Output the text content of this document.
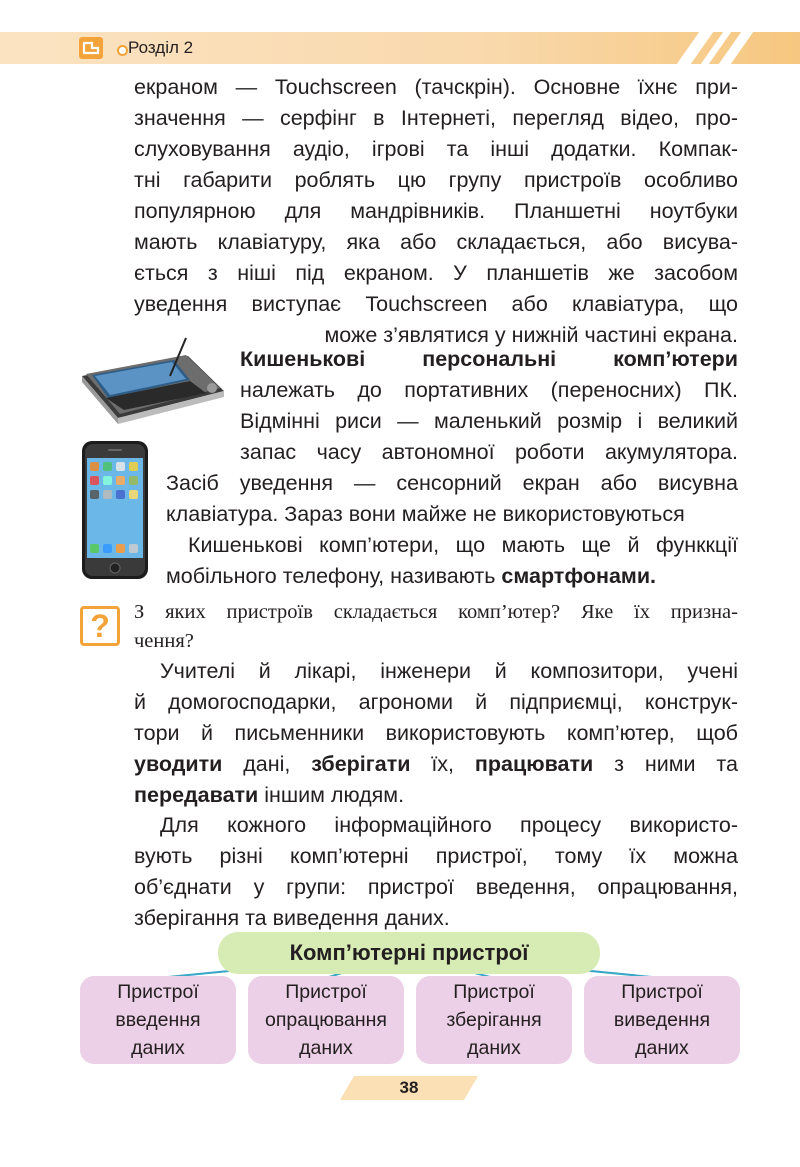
Розділ 2
екраном — Touchscreen (тачскрін). Основне їхнє при-
значення — серфінг в Інтернеті, перегляд відео, про-
слуховування аудіо, ігрові та інші додатки. Компак-
тні габарити роблять цю групу пристроїв особливо
популярною для мандрівників. Планшетні ноутбуки
мають клавіатуру, яка або складається, або висува-
ється з ніші під екраном. У планшетів же засобом
уведення виступає Touchscreen або клавіатура, що
може з’являтися у нижній частині екрана.
Кишенькові персональні комп’ютери
належать до портативних (переносних) ПК.
Відмінні риси — маленький розмір і великий
запас часу автономної роботи акумулятора.
Засіб уведення — сенсорний екран або висувна
клавіатура. Зараз вони майже не використовуються
Кишенькові комп’ютери, що мають ще й функкції
мобільного телефону, називають смартфонами.
?	З яких пристроїв складається комп’ютер? Яке їх призна-
чення?
Учителі й лікарі, інженери й композитори, учені
й домогосподарки, агрономи й підприємці, конструк-
тори й письменники використовують комп’ютер, щоб
уводити дані, зберігати їх, працювати з ними та
передавати іншим людям.
Для кожного інформаційного процесу використо-
вують різні комп’ютерні пристрої, тому їх можна
об’єднати у групи: пристрої введення, опрацювання,
зберігання та виведення даних.
Комп’ютерні пристрої
Пристрої
введення
даних
Пристрої
опрацювання
даних
Пристрої
зберігання
даних
Пристрої
виведення
даних
38
